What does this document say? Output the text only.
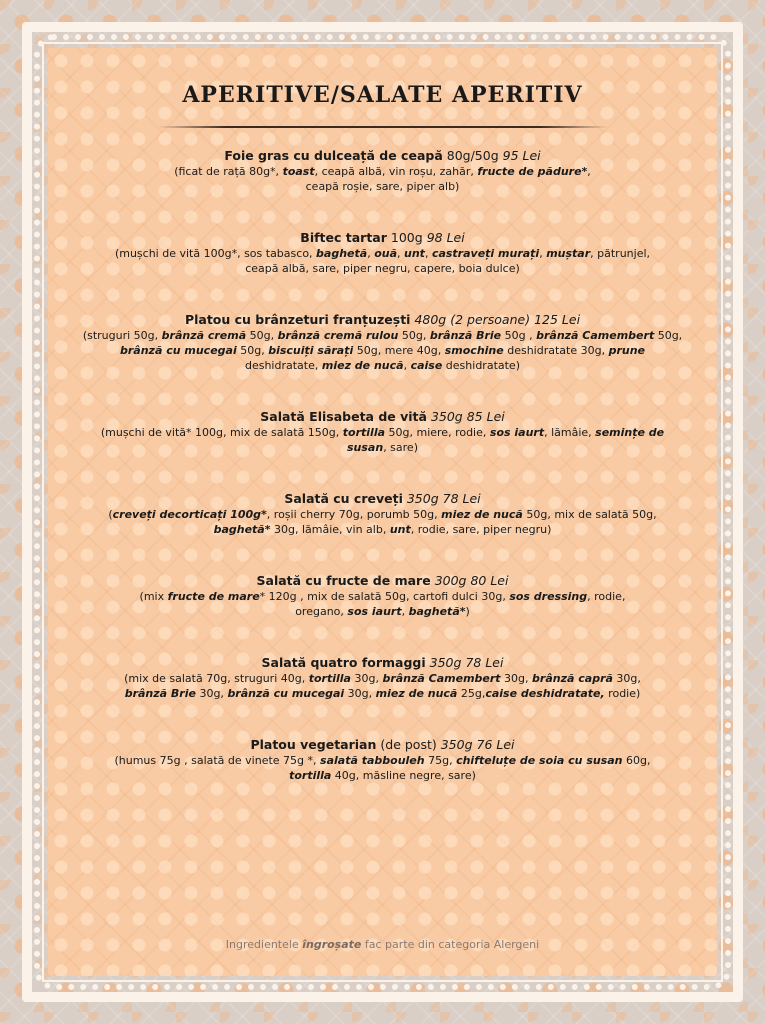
APERITIVE/SALATE APERITIV
Foie gras cu dulceață de ceapă 80g/50g 95 Lei
(ficat de rață 80g*, toast, ceapă albă, vin roșu, zahăr, fructe de pădure*, ceapă roșie, sare, piper alb)
Biftec tartar 100g 98 Lei
(mușchi de vită 100g*, sos tabasco, baghetă, ouă, unt, castraveți murați, muștar, pătrunjel, ceapă albă, sare, piper negru, capere, boia dulce)
Platou cu brânzeturi franțuzești 480g (2 persoane) 125 Lei
(struguri 50g, brânză cremă 50g, brânză cremă rulou 50g, brânză Brie 50g , brânză Camembert 50g, brânză cu mucegai 50g, biscuiți sărați 50g, mere 40g, smochine deshidratate 30g, prune deshidratate, miez de nucă, caise deshidratate)
Salată Elisabeta de vită 350g 85 Lei
(mușchi de vită* 100g, mix de salată 150g, tortilla 50g, miere, rodie, sos iaurt, lămâie, semințe de susan, sare)
Salată cu creveți 350g 78 Lei
(creveți decorticați 100g*, roșii cherry 70g, porumb 50g, miez de nucă 50g, mix de salată 50g, baghetă* 30g, lămâie, vin alb, unt, rodie, sare, piper negru)
Salată cu fructe de mare 300g 80 Lei
(mix fructe de mare* 120g , mix de salată 50g, cartofi dulci 30g, sos dressing, rodie, oregano, sos iaurt, baghetă*)
Salată quatro formaggi 350g 78 Lei
(mix de salată 70g, struguri 40g, tortilla 30g, brânză Camembert 30g, brânză capră 30g, brânză Brie 30g, brânză cu mucegai 30g, miez de nucă 25g,caise deshidratate, rodie)
Platou vegetarian (de post) 350g 76 Lei
(humus 75g , salată de vinete 75g *, salată tabbouleh 75g, chifteluțe de soia cu susan 60g, tortilla 40g, măsline negre, sare)
Ingredientele îngroșate fac parte din categoria Alergeni
